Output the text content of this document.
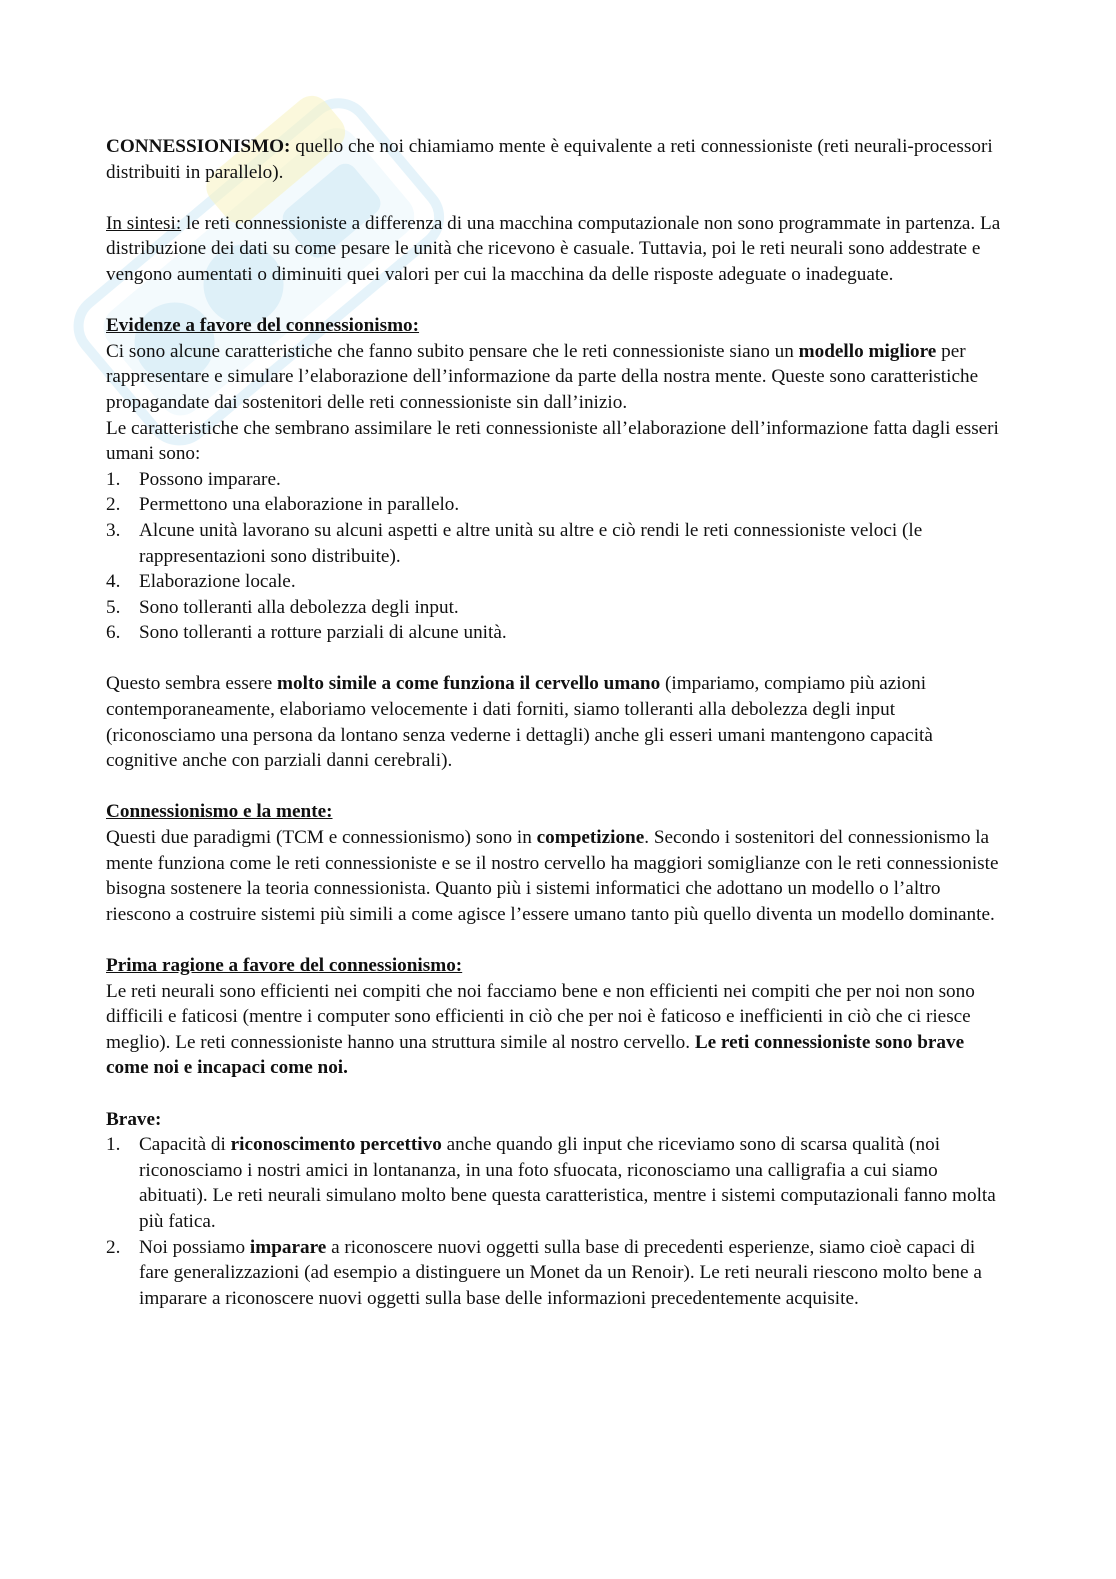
CONNESSIONISMO: quello che noi chiamiamo mente è equivalente a reti connessioniste (reti neurali-processori distribuiti in parallelo).

In sintesi: le reti connessioniste a differenza di una macchina computazionale non sono programmate in partenza. La distribuzione dei dati su come pesare le unità che ricevono è casuale. Tuttavia, poi le reti neurali sono addestrate e vengono aumentati o diminuiti quei valori per cui la macchina da delle risposte adeguate o inadeguate.

Evidenze a favore del connessionismo:

Ci sono alcune caratteristiche che fanno subito pensare che le reti connessioniste siano un modello migliore per rappresentare e simulare l’elaborazione dell’informazione da parte della nostra mente. Queste sono caratteristiche propagandate dai sostenitori delle reti connessioniste sin dall’inizio.

Le caratteristiche che sembrano assimilare le reti connessioniste all’elaborazione dell’informazione fatta dagli esseri umani sono:

1. Possono imparare.
2. Permettono una elaborazione in parallelo.
3. Alcune unità lavorano su alcuni aspetti e altre unità su altre e ciò rendi le reti connessioniste veloci (le rappresentazioni sono distribuite).
4. Elaborazione locale.
5. Sono tolleranti alla debolezza degli input.
6. Sono tolleranti a rotture parziali di alcune unità.

Questo sembra essere molto simile a come funziona il cervello umano (impariamo, compiamo più azioni contemporaneamente, elaboriamo velocemente i dati forniti, siamo tolleranti alla debolezza degli input (riconosciamo una persona da lontano senza vederne i dettagli) anche gli esseri umani mantengono capacità cognitive anche con parziali danni cerebrali).

Connessionismo e la mente:

Questi due paradigmi (TCM e connessionismo) sono in competizione. Secondo i sostenitori del connessionismo la mente funziona come le reti connessioniste e se il nostro cervello ha maggiori somiglianze con le reti connessioniste bisogna sostenere la teoria connessionista. Quanto più i sistemi informatici che adottano un modello o l’altro riescono a costruire sistemi più simili a come agisce l’essere umano tanto più quello diventa un modello dominante.

Prima ragione a favore del connessionismo:

Le reti neurali sono efficienti nei compiti che noi facciamo bene e non efficienti nei compiti che per noi non sono difficili e faticosi (mentre i computer sono efficienti in ciò che per noi è faticoso e inefficienti in ciò che ci riesce meglio). Le reti connessioniste hanno una struttura simile al nostro cervello. Le reti connessioniste sono brave come noi e incapaci come noi.

Brave:

1. Capacità di riconoscimento percettivo anche quando gli input che riceviamo sono di scarsa qualità (noi riconosciamo i nostri amici in lontananza, in una foto sfuocata, riconosciamo una calligrafia a cui siamo abituati). Le reti neurali simulano molto bene questa caratteristica, mentre i sistemi computazionali fanno molta più fatica.
2. Noi possiamo imparare a riconoscere nuovi oggetti sulla base di precedenti esperienze, siamo cioè capaci di fare generalizzazioni (ad esempio a distinguere un Monet da un Renoir). Le reti neurali riescono molto bene a imparare a riconoscere nuovi oggetti sulla base delle informazioni precedentemente acquisite.
